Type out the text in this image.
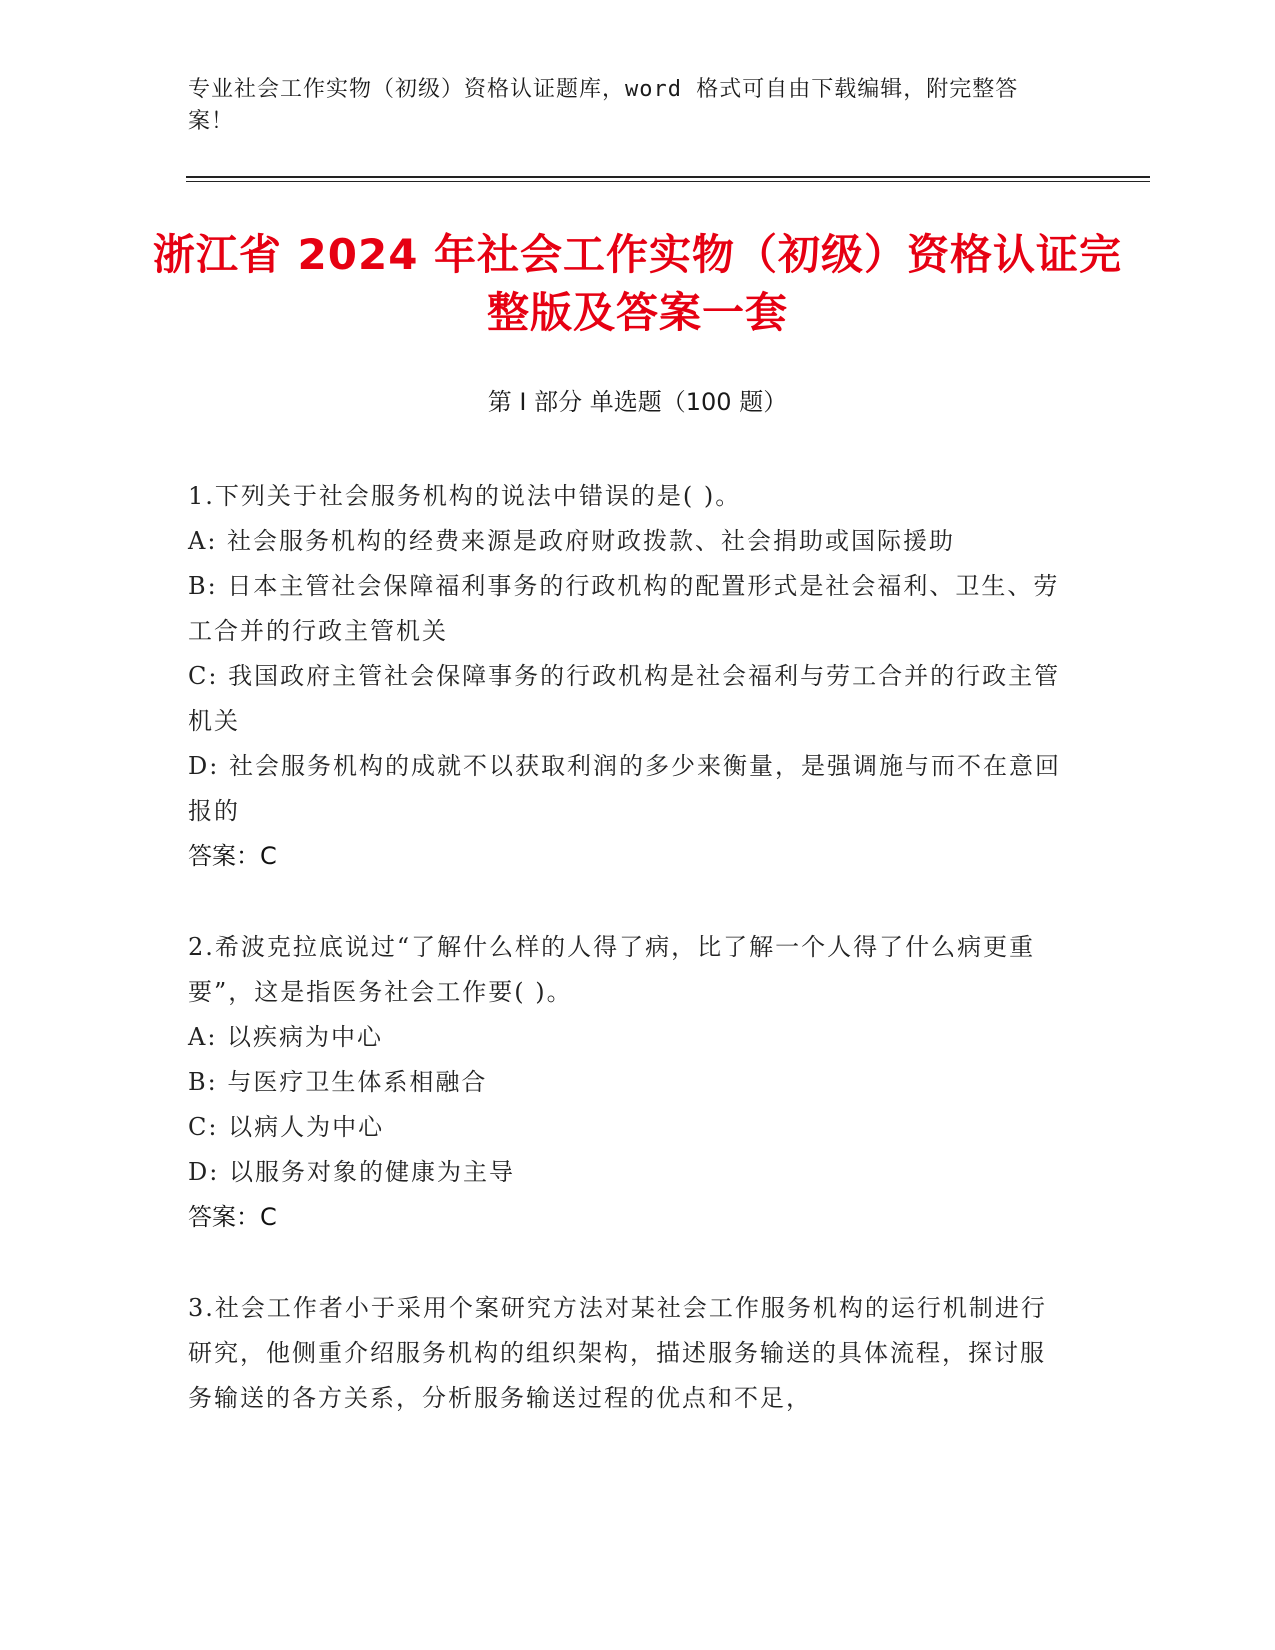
专业社会工作实物（初级）资格认证题库，word 格式可自由下载编辑，附完整答案！
浙江省 2024 年社会工作实物（初级）资格认证完整版及答案一套
第 I 部分 单选题（100 题）
1.下列关于社会服务机构的说法中错误的是( )。
A: 社会服务机构的经费来源是政府财政拨款、社会捐助或国际援助
B: 日本主管社会保障福利事务的行政机构的配置形式是社会福利、卫生、劳工合并的行政主管机关
C: 我国政府主管社会保障事务的行政机构是社会福利与劳工合并的行政主管机关
D: 社会服务机构的成就不以获取利润的多少来衡量，是强调施与而不在意回报的
答案：C
2.希波克拉底说过“了解什么样的人得了病，比了解一个人得了什么病更重要”，这是指医务社会工作要( )。
A: 以疾病为中心
B: 与医疗卫生体系相融合
C: 以病人为中心
D: 以服务对象的健康为主导
答案：C
3.社会工作者小于采用个案研究方法对某社会工作服务机构的运行机制进行研究，他侧重介绍服务机构的组织架构，描述服务输送的具体流程，探讨服务输送的各方关系，分析服务输送过程的优点和不足，
